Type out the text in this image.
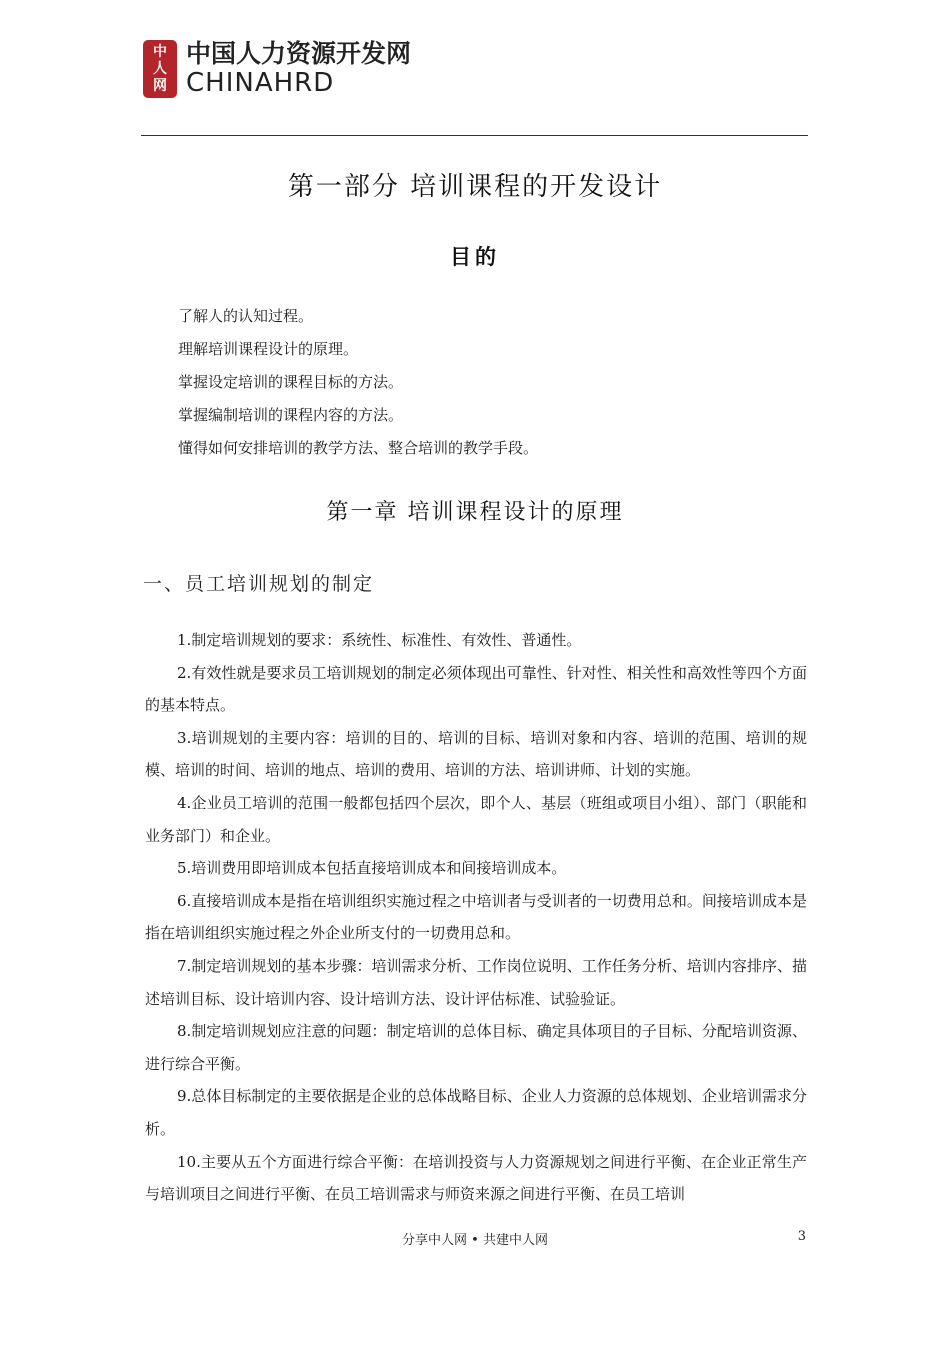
中
人
网
中国人力资源开发网
CHINAHRD
第一部分 培训课程的开发设计
目的
了解人的认知过程。
理解培训课程设计的原理。
掌握设定培训的课程目标的方法。
掌握编制培训的课程内容的方法。
懂得如何安排培训的教学方法、整合培训的教学手段。
第一章 培训课程设计的原理
一、员工培训规划的制定

1.制定培训规划的要求：系统性、标准性、有效性、普通性。

2.有效性就是要求员工培训规划的制定必须体现出可靠性、针对性、相关性和高效性等四个方面的基本特点。

3.培训规划的主要内容：培训的目的、培训的目标、培训对象和内容、培训的范围、培训的规模、培训的时间、培训的地点、培训的费用、培训的方法、培训讲师、计划的实施。

4.企业员工培训的范围一般都包括四个层次，即个人、基层（班组或项目小组）、部门（职能和业务部门）和企业。

5.培训费用即培训成本包括直接培训成本和间接培训成本。

6.直接培训成本是指在培训组织实施过程之中培训者与受训者的一切费用总和。间接培训成本是指在培训组织实施过程之外企业所支付的一切费用总和。

7.制定培训规划的基本步骤：培训需求分析、工作岗位说明、工作任务分析、培训内容排序、描述培训目标、设计培训内容、设计培训方法、设计评估标准、试验验证。

8.制定培训规划应注意的问题：制定培训的总体目标、确定具体项目的子目标、分配培训资源、进行综合平衡。

9.总体目标制定的主要依据是企业的总体战略目标、企业人力资源的总体规划、企业培训需求分析。

10.主要从五个方面进行综合平衡：在培训投资与人力资源规划之间进行平衡、在企业正常生产与培训项目之间进行平衡、在员工培训需求与师资来源之间进行平衡、在员工培训

分享中人网 • 共建中人网	3
